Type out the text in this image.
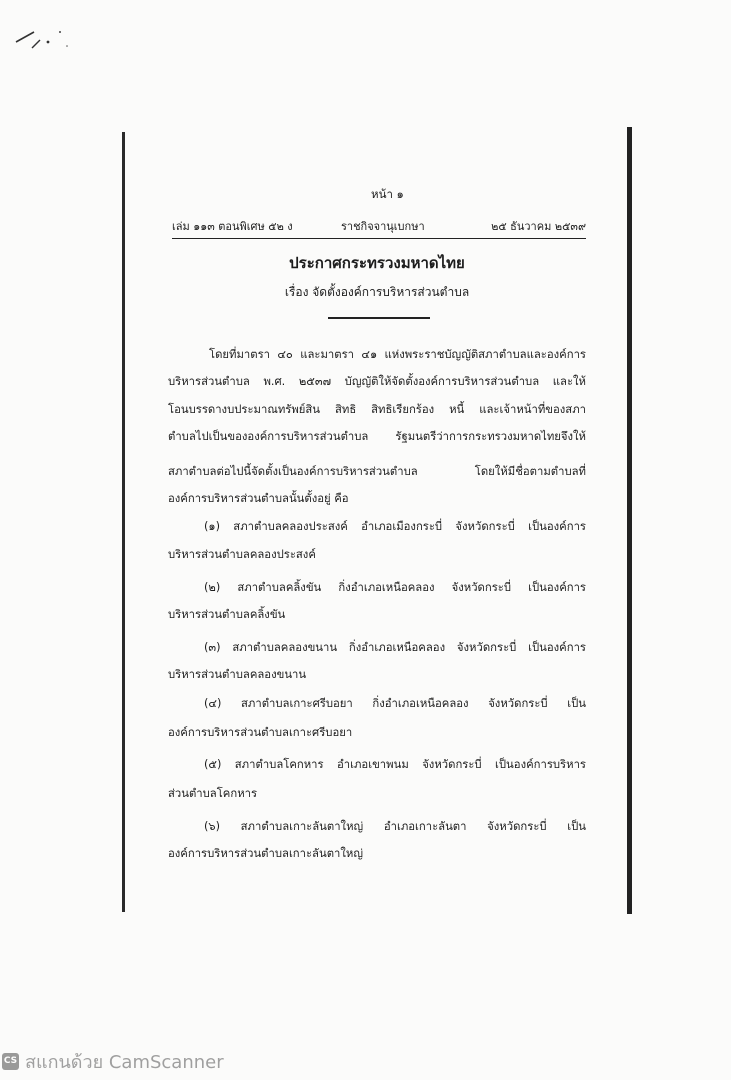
หน้า ๑
เล่ม ๑๑๓ ตอนพิเศษ ๕๒ ง	ราชกิจจานุเบกษา	๒๕ ธันวาคม ๒๕๓๙
ประกาศกระทรวงมหาดไทย
เรื่อง จัดตั้งองค์การบริหารส่วนตำบล
โดยที่มาตรา ๔๐ และมาตรา ๔๑ แห่งพระราชบัญญัติสภาตำบลและองค์การ
บริหารส่วนตำบล พ.ศ. ๒๕๓๗ บัญญัติให้จัดตั้งองค์การบริหารส่วนตำบล และให้
โอนบรรดางบประมาณทรัพย์สิน สิทธิ สิทธิเรียกร้อง หนี้ และเจ้าหน้าที่ของสภา
ตำบลไปเป็นขององค์การบริหารส่วนตำบล รัฐมนตรีว่าการกระทรวงมหาดไทยจึงให้
สภาตำบลต่อไปนี้จัดตั้งเป็นองค์การบริหารส่วนตำบล โดยให้มีชื่อตามตำบลที่
องค์การบริหารส่วนตำบลนั้นตั้งอยู่ คือ
(๑) สภาตำบลคลองประสงค์ อำเภอเมืองกระบี่ จังหวัดกระบี่ เป็นองค์การ
บริหารส่วนตำบลคลองประสงค์
(๒) สภาตำบลคลิ้งขัน กิ่งอำเภอเหนือคลอง จังหวัดกระบี่ เป็นองค์การ
บริหารส่วนตำบลคลิ้งขัน
(๓) สภาตำบลคลองขนาน กิ่งอำเภอเหนือคลอง จังหวัดกระบี่ เป็นองค์การ
บริหารส่วนตำบลคลองขนาน
(๔) สภาตำบลเกาะศรีบอยา กิ่งอำเภอเหนือคลอง จังหวัดกระบี่ เป็น
องค์การบริหารส่วนตำบลเกาะศรีบอยา
(๕) สภาตำบลโคกหาร อำเภอเขาพนม จังหวัดกระบี่ เป็นองค์การบริหาร
ส่วนตำบลโคกหาร
(๖) สภาตำบลเกาะลันตาใหญ่ อำเภอเกาะลันตา จังหวัดกระบี่ เป็น
องค์การบริหารส่วนตำบลเกาะลันตาใหญ่
CS สแกนด้วย CamScanner
